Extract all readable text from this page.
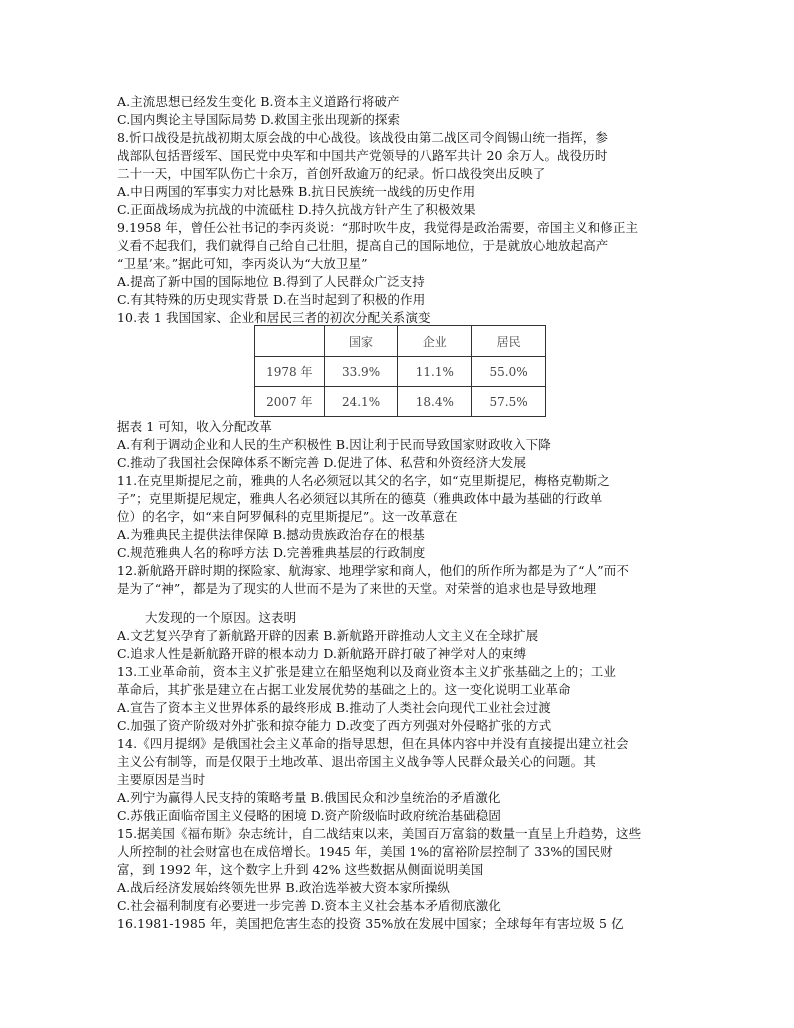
A.主流思想已经发生变化 B.资本主义道路行将破产
C.国内舆论主导国际局势 D.救国主张出现新的探索
8.忻口战役是抗战初期太原会战的中心战役。该战役由第二战区司令阎锡山统一指挥，参
战部队包括晋绥军、国民党中央军和中国共产党领导的八路军共计 20 余万人。战役历时
二十一天，中国军队伤亡十余万，首创歼敌逾万的纪录。忻口战役突出反映了
A.中日两国的军事实力对比悬殊 B.抗日民族统一战线的历史作用
C.正面战场成为抗战的中流砥柱 D.持久抗战方针产生了积极效果
9.1958 年，曾任公社书记的李丙炎说：“那时吹牛皮，我觉得是政治需要，帝国主义和修正主
义看不起我们，我们就得自己给自己壮胆，提高自己的国际地位，于是就放心地放起高产
“卫星’来。”据此可知，李丙炎认为“大放卫星”
A.提高了新中国的国际地位 B.得到了人民群众广泛支持
C.有其特殊的历史现实背景 D.在当时起到了积极的作用
10.表 1 我国国家、企业和居民三者的初次分配关系演变
	国家	企业	居民
1978 年	33.9%	11.1%	55.0%
2007 年	24.1%	18.4%	57.5%
据表 1 可知，收入分配改革
A.有利于调动企业和人民的生产积极性 B.因让利于民而导致国家财政收入下降
C.推动了我国社会保障体系不断完善 D.促进了体、私营和外资经济大发展
11.在克里斯提尼之前，雅典的人名必须冠以其父的名字，如“克里斯提尼，梅格克勒斯之
子”；克里斯提尼规定，雅典人名必须冠以其所在的德莫（雅典政体中最为基础的行政单
位）的名字，如“来自阿罗佩科的克里斯提尼”。这一改革意在
A.为雅典民主提供法律保障 B.撼动贵族政治存在的根基
C.规范雅典人名的称呼方法 D.完善雅典基层的行政制度
12.新航路开辟时期的探险家、航海家、地理学家和商人，他们的所作所为都是为了“人”而不
是为了“神”，都是为了现实的人世而不是为了来世的天堂。对荣誉的追求也是导致地理
大发现的一个原因。这表明
A.文艺复兴孕育了新航路开辟的因素 B.新航路开辟推动人文主义在全球扩展
C.追求人性是新航路开辟的根本动力 D.新航路开辟打破了神学对人的束缚
13.工业革命前，资本主义扩张是建立在船坚炮利以及商业资本主义扩张基础之上的；工业
革命后，其扩张是建立在占据工业发展优势的基础之上的。这一变化说明工业革命
A.宣告了资本主义世界体系的最终形成 B.推动了人类社会向现代工业社会过渡
C.加强了资产阶级对外扩张和掠夺能力 D.改变了西方列强对外侵略扩张的方式
14.《四月提纲》是俄国社会主义革命的指导思想，但在具体内容中并没有直接提出建立社会
主义公有制等，而是仅限于土地改革、退出帝国主义战争等人民群众最关心的问题。其
主要原因是当时
A.列宁为赢得人民支持的策略考量 B.俄国民众和沙皇统治的矛盾激化
C.苏俄正面临帝国主义侵略的困境 D.资产阶级临时政府统治基础稳固
15.据美国《福布斯》杂志统计，自二战结束以来，美国百万富翁的数量一直呈上升趋势，这些
人所控制的社会财富也在成倍增长。1945 年，美国 1%的富裕阶层控制了 33%的国民财
富，到 1992 年，这个数字上升到 42% 这些数据从侧面说明美国
A.战后经济发展始终领先世界 B.政治选举被大资本家所操纵
C.社会福利制度有必要进一步完善 D.资本主义社会基本矛盾彻底激化
16.1981-1985 年，美国把危害生态的投资 35%放在发展中国家；全球每年有害垃圾 5 亿
